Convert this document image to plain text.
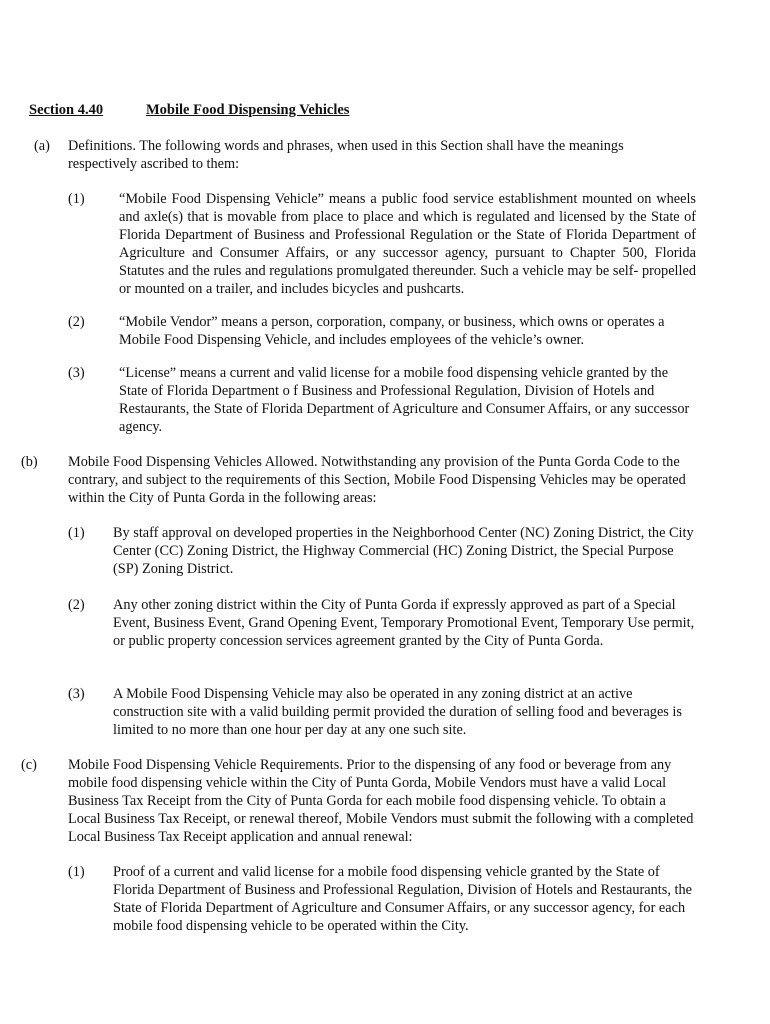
Section 4.40	Mobile Food Dispensing Vehicles
(a) Definitions. The following words and phrases, when used in this Section shall have the meanings respectively ascribed to them:
(1) “Mobile Food Dispensing Vehicle” means a public food service establishment mounted on wheels and axle(s) that is movable from place to place and which is regulated and licensed by the State of Florida Department of Business and Professional Regulation or the State of Florida Department of Agriculture and Consumer Affairs, or any successor agency, pursuant to Chapter 500, Florida Statutes and the rules and regulations promulgated thereunder. Such a vehicle may be self- propelled or mounted on a trailer, and includes bicycles and pushcarts.
(2) “Mobile Vendor” means a person, corporation, company, or business, which owns or operates a Mobile Food Dispensing Vehicle, and includes employees of the vehicle’s owner.
(3) “License” means a current and valid license for a mobile food dispensing vehicle granted by the State of Florida Department o f Business and Professional Regulation, Division of Hotels and Restaurants, the State of Florida Department of Agriculture and Consumer Affairs, or any successor agency.
(b) Mobile Food Dispensing Vehicles Allowed. Notwithstanding any provision of the Punta Gorda Code to the contrary, and subject to the requirements of this Section, Mobile Food Dispensing Vehicles may be operated within the City of Punta Gorda in the following areas:
(1) By staff approval on developed properties in the Neighborhood Center (NC) Zoning District, the City Center (CC) Zoning District, the Highway Commercial (HC) Zoning District, the Special Purpose (SP) Zoning District.
(2) Any other zoning district within the City of Punta Gorda if expressly approved as part of a Special Event, Business Event, Grand Opening Event, Temporary Promotional Event, Temporary Use permit, or public property concession services agreement granted by the City of Punta Gorda.
(3) A Mobile Food Dispensing Vehicle may also be operated in any zoning district at an active construction site with a valid building permit provided the duration of selling food and beverages is limited to no more than one hour per day at any one such site.
(c) Mobile Food Dispensing Vehicle Requirements. Prior to the dispensing of any food or beverage from any mobile food dispensing vehicle within the City of Punta Gorda, Mobile Vendors must have a valid Local Business Tax Receipt from the City of Punta Gorda for each mobile food dispensing vehicle. To obtain a Local Business Tax Receipt, or renewal thereof, Mobile Vendors must submit the following with a completed Local Business Tax Receipt application and annual renewal:
(1) Proof of a current and valid license for a mobile food dispensing vehicle granted by the State of Florida Department of Business and Professional Regulation, Division of Hotels and Restaurants, the State of Florida Department of Agriculture and Consumer Affairs, or any successor agency, for each mobile food dispensing vehicle to be operated within the City.
